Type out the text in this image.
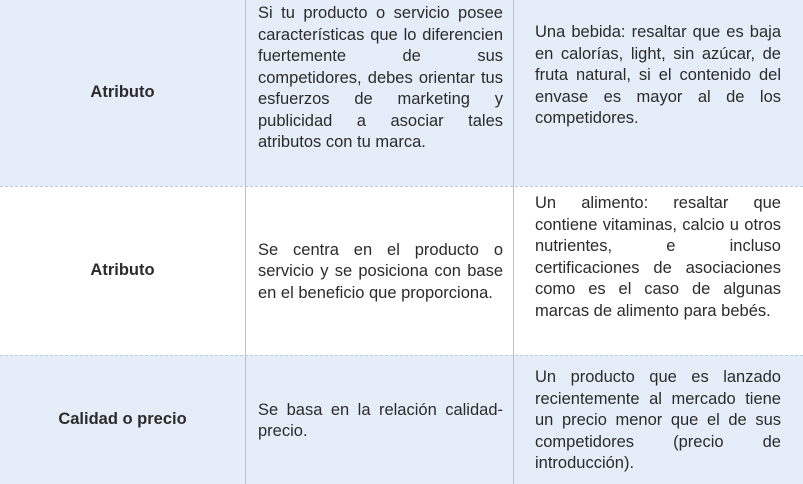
Atributo
Si tu producto o servicio posee características que lo diferencien fuertemente de sus competidores, debes orientar tus esfuerzos de marketing y publicidad a asociar tales atributos con tu marca.
Una bebida: resaltar que es baja en calorías, light, sin azúcar, de fruta natural, si el contenido del envase es mayor al de los competidores.
Atributo
Se centra en el producto o servicio y se posiciona con base en el beneficio que proporciona.
Un alimento: resaltar que contiene vitaminas, calcio u otros nutrientes, e incluso certificaciones de asociaciones como es el caso de algunas marcas de alimento para bebés.
Calidad o precio
Se basa en la relación calidad-precio.
Un producto que es lanzado recientemente al mercado tiene un precio menor que el de sus competidores (precio de introducción).
